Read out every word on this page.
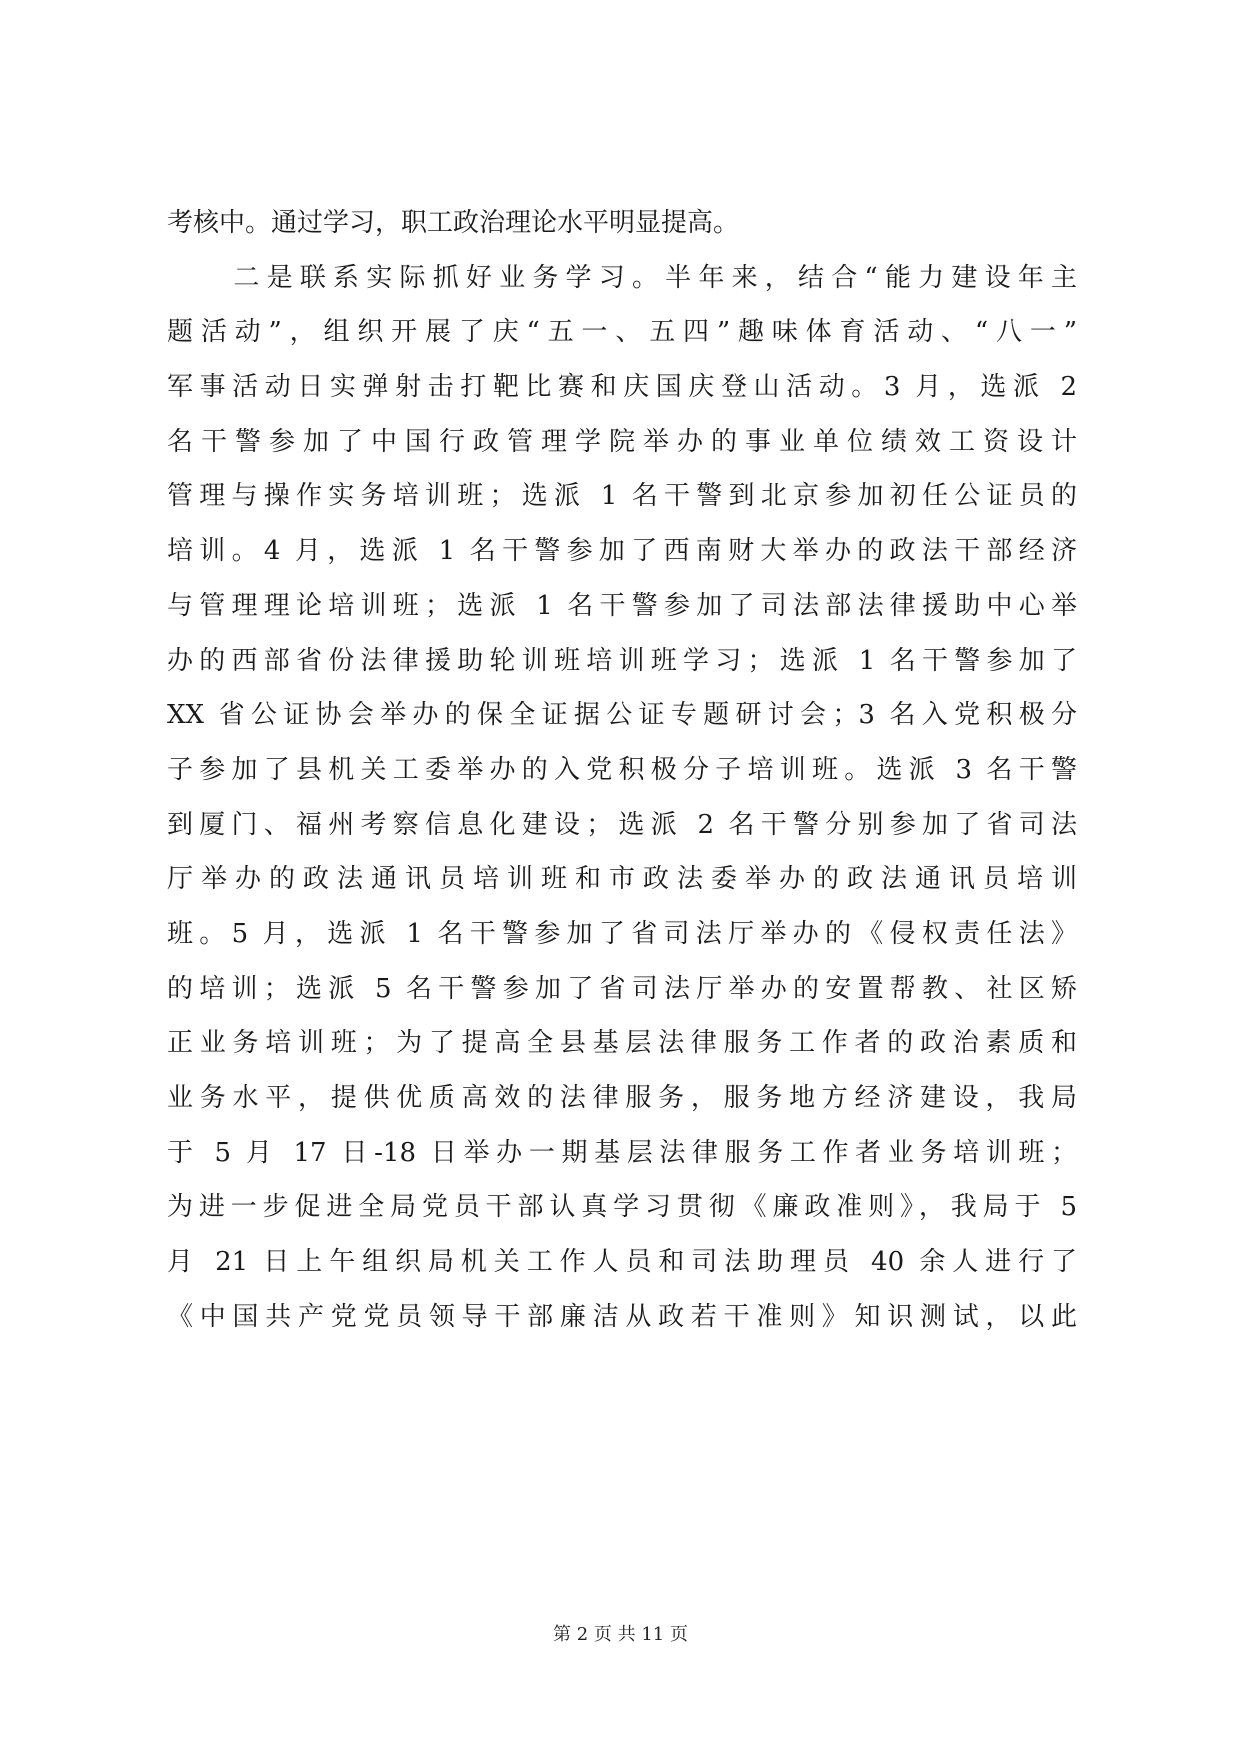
考核中。通过学习，职工政治理论水平明显提高。
　　二是联系实际抓好业务学习。半年来，结合“能力建设年主
题活动”，组织开展了庆“五一、五四”趣味体育活动、“八一”
军事活动日实弹射击打靶比赛和庆国庆登山活动。3 月，选派 2
名干警参加了中国行政管理学院举办的事业单位绩效工资设计
管理与操作实务培训班；选派 1 名干警到北京参加初任公证员的
培训。4 月，选派 1 名干警参加了西南财大举办的政法干部经济
与管理理论培训班；选派 1 名干警参加了司法部法律援助中心举
办的西部省份法律援助轮训班培训班学习；选派 1 名干警参加了
XX 省公证协会举办的保全证据公证专题研讨会；3 名入党积极分
子参加了县机关工委举办的入党积极分子培训班。选派 3 名干警
到厦门、福州考察信息化建设；选派 2 名干警分别参加了省司法
厅举办的政法通讯员培训班和市政法委举办的政法通讯员培训
班。5 月，选派 1 名干警参加了省司法厅举办的《侵权责任法》
的培训；选派 5 名干警参加了省司法厅举办的安置帮教、社区矫
正业务培训班；为了提高全县基层法律服务工作者的政治素质和
业务水平，提供优质高效的法律服务，服务地方经济建设，我局
于 5 月 17 日-18 日举办一期基层法律服务工作者业务培训班；
为进一步促进全局党员干部认真学习贯彻《廉政准则》，我局于 5
月 21 日上午组织局机关工作人员和司法助理员 40 余人进行了
《中国共产党党员领导干部廉洁从政若干准则》知识测试，以此
第 2 页 共 11 页
